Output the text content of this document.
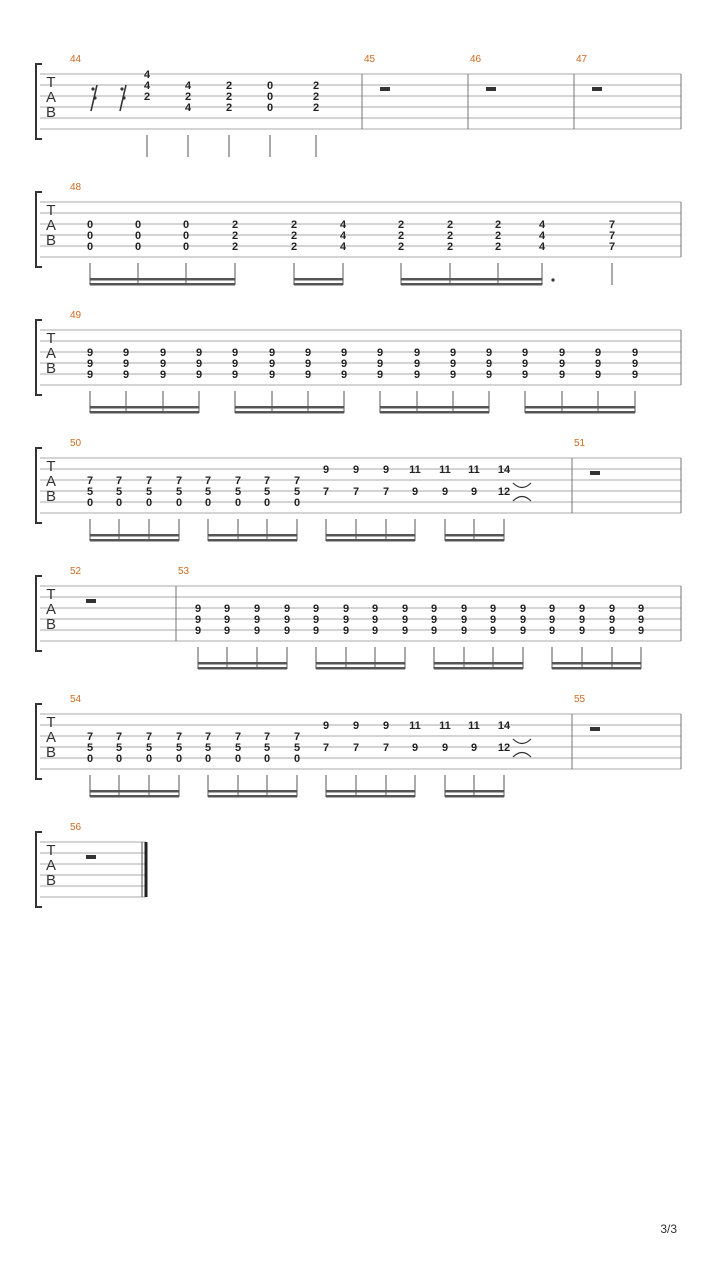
T
A
B
44
4
4
2
4
2
4
2
2
2
0
0
0
2
2
2
45	46	47
T
A
B
48
0
0
0
0
0
0
0
0
0
2
2
2
2
2
2
4
4
4
2
2
2
2
2
2
2
2
2
4
4
4
7
7
7
T
A
B
49
9
9
9
9
9
9
9
9
9
9
9
9
9
9
9
9
9
9
9
9
9
9
9
9
9
9
9
9
9
9
9
9
9
9
9
9
9
9
9
9
9
9
9
9
9
9
9
9
T
A
B
50
7
5
0
7
5
0
7
5
0
7
5
0
7
5
0
7
5
0
7
5
0
7
5
0
9
7
9
7
9
7
11
9
11
9
11
9
14
12
51
T
A
B
52	53
9
9
9
9
9
9
9
9
9
9
9
9
9
9
9
9
9
9
9
9
9
9
9
9
9
9
9
9
9
9
9
9
9
9
9
9
9
9
9
9
9
9
9
9
9
9
9
9
T
A
B
54
7
5
0
7
5
0
7
5
0
7
5
0
7
5
0
7
5
0
7
5
0
7
5
0
9
7
9
7
9
7
11
9
11
9
11
9
14
12
55
T
A
B
56
3/3
